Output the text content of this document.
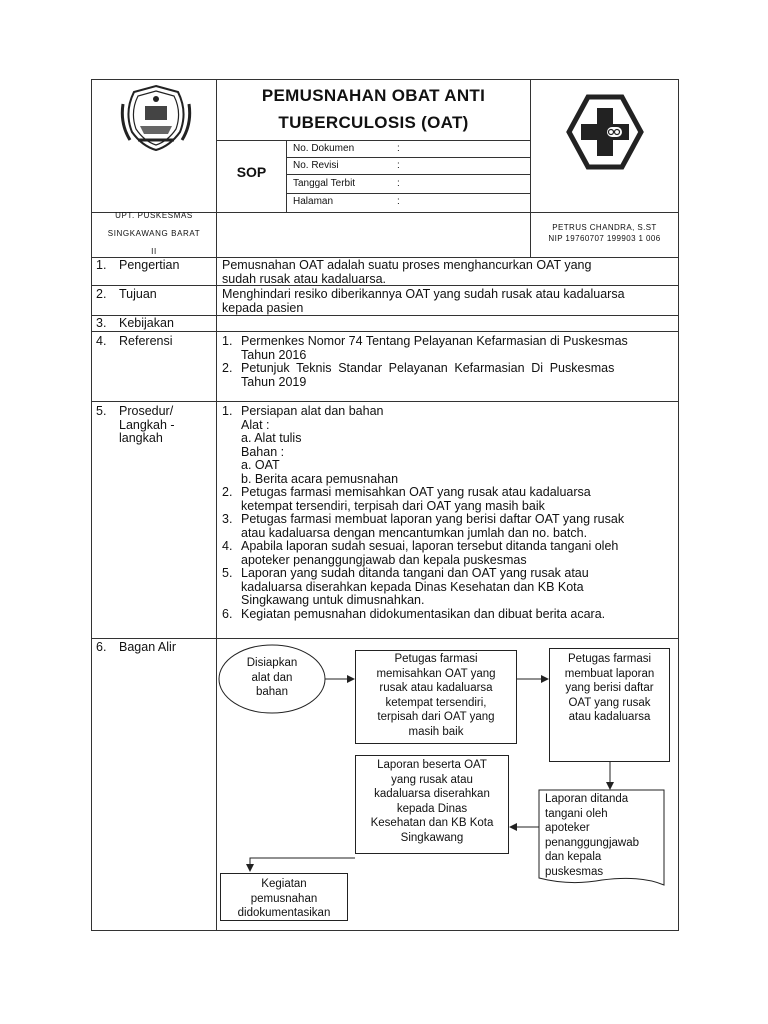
UPT. PUSKESMAS
SINGKAWANG BARAT
II
PEMUSNAHAN OBAT ANTI
TUBERCULOSIS (OAT)
SOP
No. Dokumen	:
No. Revisi	:
Tanggal Terbit	:
Halaman	:
PETRUS CHANDRA, S.ST
NIP 19760707 199903 1 006
1. Pengertian	Pemusnahan OAT adalah suatu proses menghancurkan OAT yang
sudah rusak atau kadaluarsa.
2. Tujuan	Menghindari resiko diberikannya OAT yang sudah rusak atau kadaluarsa
kepada pasien
3. Kebijakan
4. Referensi	1. Permenkes Nomor 74 Tentang Pelayanan Kefarmasian di Puskesmas
Tahun 2016
2. Petunjuk Teknis Standar Pelayanan Kefarmasian Di Puskesmas
Tahun 2019
5. Prosedur/
Langkah -
langkah
1. Persiapan alat dan bahan
Alat :
a. Alat tulis
Bahan :
a. OAT
b. Berita acara pemusnahan
2. Petugas farmasi memisahkan OAT yang rusak atau kadaluarsa
ketempat tersendiri, terpisah dari OAT yang masih baik
3. Petugas farmasi membuat laporan yang berisi daftar OAT yang rusak
atau kadaluarsa dengan mencantumkan jumlah dan no. batch.
4. Apabila laporan sudah sesuai, laporan tersebut ditanda tangani oleh
apoteker penanggungjawab dan kepala puskesmas
5. Laporan yang sudah ditanda tangani dan OAT yang rusak atau
kadaluarsa diserahkan kepada Dinas Kesehatan dan KB Kota
Singkawang untuk dimusnahkan.
6. Kegiatan pemusnahan didokumentasikan dan dibuat berita acara.
6. Bagan Alir
Disiapkan
alat dan
bahan
Petugas farmasi
memisahkan OAT yang
rusak atau kadaluarsa
ketempat tersendiri,
terpisah dari OAT yang
masih baik
Petugas farmasi
membuat laporan
yang berisi daftar
OAT yang rusak
atau kadaluarsa
Laporan ditanda
tangani oleh
apoteker
penanggungjawab
dan kepala
puskesmas
Laporan beserta OAT
yang rusak atau
kadaluarsa diserahkan
kepada Dinas
Kesehatan dan KB Kota
Singkawang
Kegiatan
pemusnahan
didokumentasikan
